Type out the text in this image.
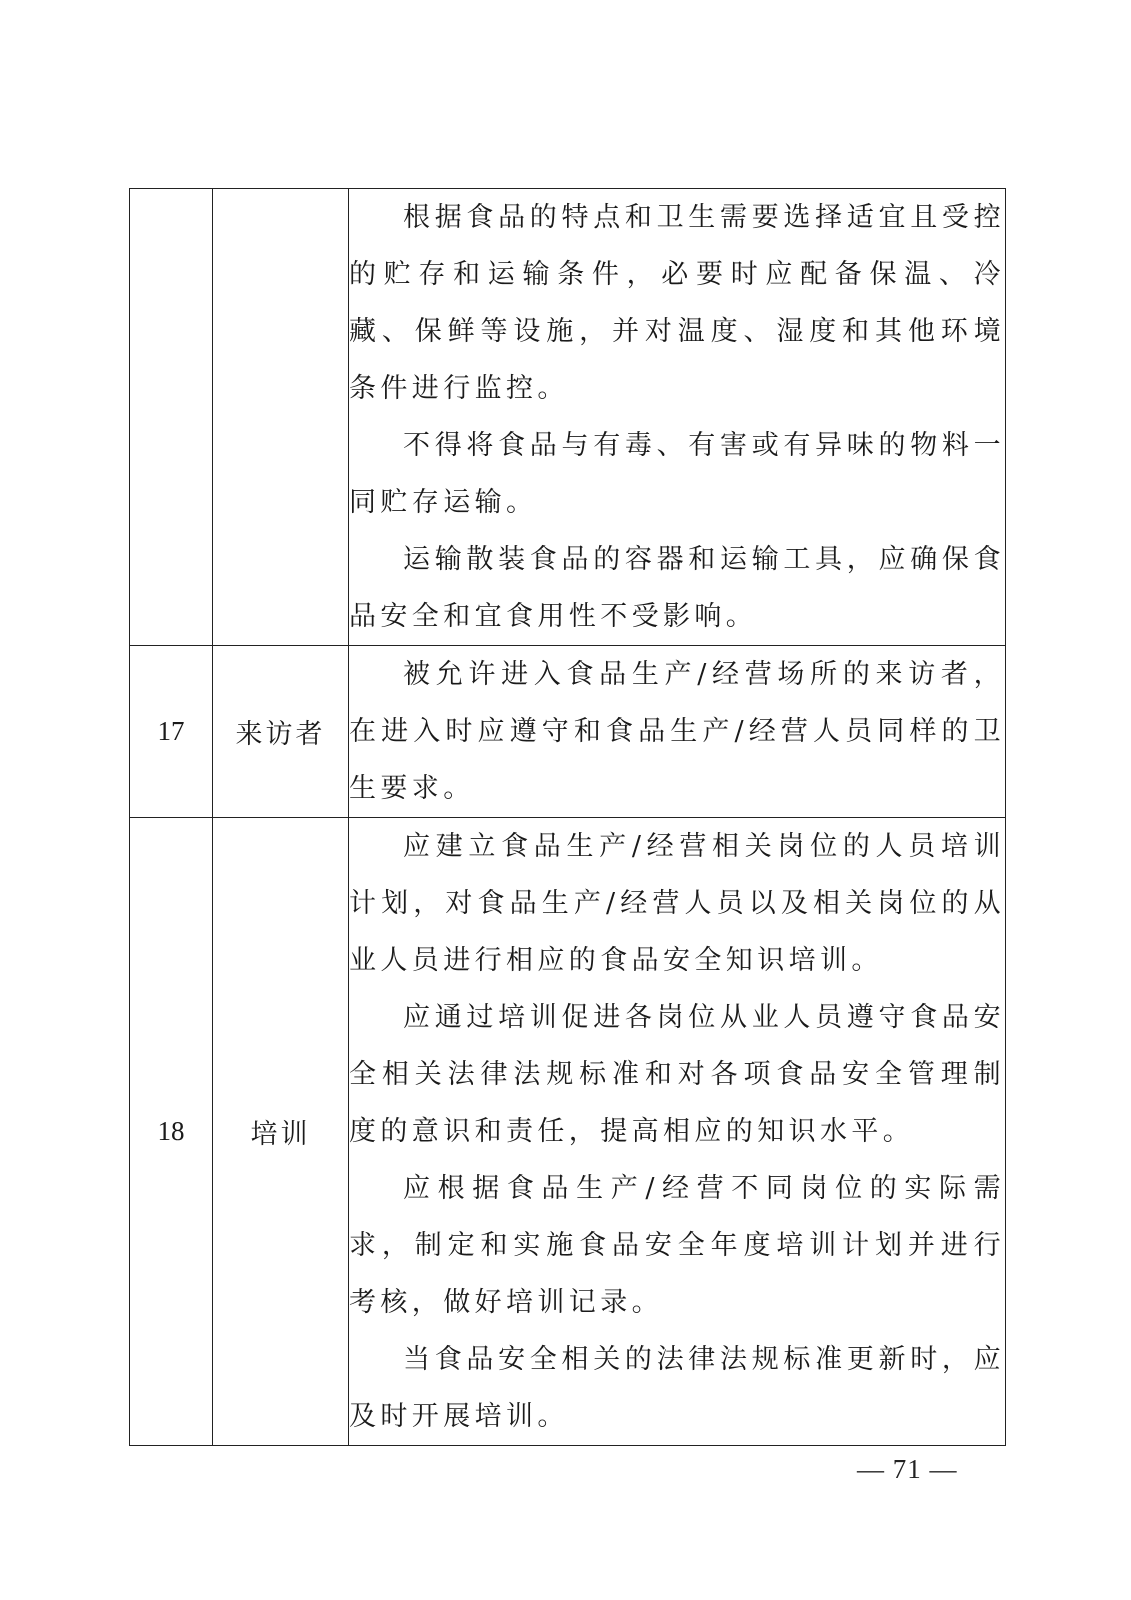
		根据食品的特点和卫生需要选择适宜且受控的贮存和运输条件，必要时应配备保温、冷藏、保鲜等设施，并对温度、湿度和其他环境条件进行监控。

不得将食品与有毒、有害或有异味的物料一同贮存运输。

运输散装食品的容器和运输工具，应确保食品安全和宜食用性不受影响。

17	来访者	被允许进入食品生产/经营场所的来访者，在进入时应遵守和食品生产/经营人员同样的卫生要求。

18	培训	应建立食品生产/经营相关岗位的人员培训计划，对食品生产/经营人员以及相关岗位的从业人员进行相应的食品安全知识培训。

应通过培训促进各岗位从业人员遵守食品安全相关法律法规标准和对各项食品安全管理制度的意识和责任，提高相应的知识水平。

应根据食品生产/经营不同岗位的实际需求，制定和实施食品安全年度培训计划并进行考核，做好培训记录。

当食品安全相关的法律法规标准更新时，应及时开展培训。

— 71 —
